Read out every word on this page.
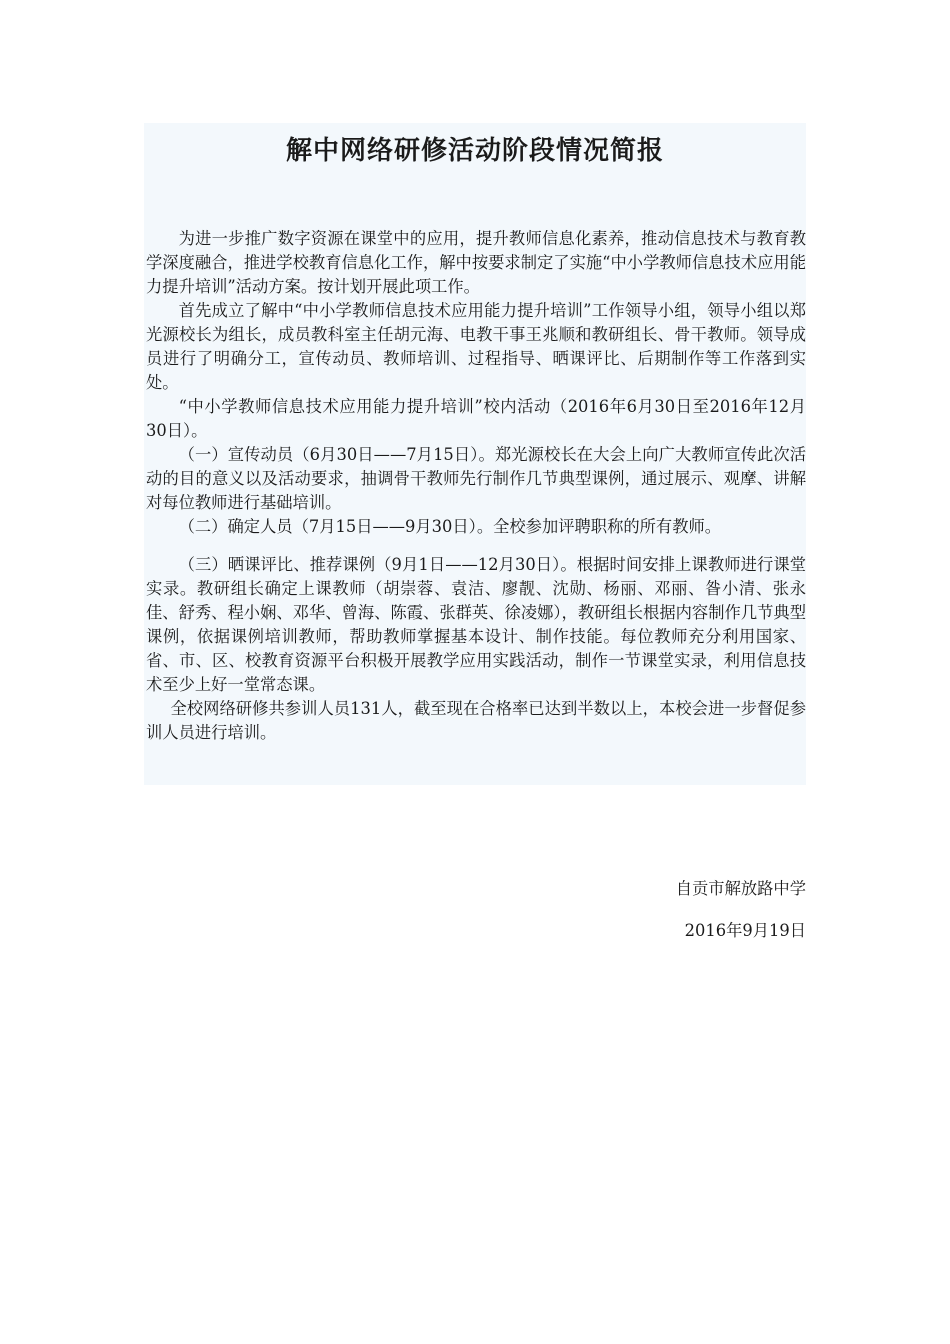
解中网络研修活动阶段情况简报

为进一步推广数字资源在课堂中的应用，提升教师信息化素养，推动信息技术与教育教学深度融合，推进学校教育信息化工作，解中按要求制定了实施“中小学教师信息技术应用能力提升培训”活动方案。按计划开展此项工作。

首先成立了解中“中小学教师信息技术应用能力提升培训”工作领导小组，领导小组以郑光源校长为组长，成员教科室主任胡元海、电教干事王兆顺和教研组长、骨干教师。领导成员进行了明确分工，宣传动员、教师培训、过程指导、晒课评比、后期制作等工作落到实处。

“中小学教师信息技术应用能力提升培训”校内活动（2016年6月30日至2016年12月30日）。

（一）宣传动员（6月30日——7月15日）。郑光源校长在大会上向广大教师宣传此次活动的目的意义以及活动要求，抽调骨干教师先行制作几节典型课例，通过展示、观摩、讲解对每位教师进行基础培训。

（二）确定人员（7月15日——9月30日）。全校参加评聘职称的所有教师。

（三）晒课评比、推荐课例（9月1日——12月30日）。根据时间安排上课教师进行课堂实录。教研组长确定上课教师（胡崇蓉、袁洁、廖靓、沈勋、杨丽、邓丽、昝小清、张永佳、舒秀、程小娴、邓华、曾海、陈霞、张群英、徐凌娜），教研组长根据内容制作几节典型课例，依据课例培训教师，帮助教师掌握基本设计、制作技能。每位教师充分利用国家、省、市、区、校教育资源平台积极开展教学应用实践活动，制作一节课堂实录，利用信息技术至少上好一堂常态课。

全校网络研修共参训人员131人，截至现在合格率已达到半数以上，本校会进一步督促参训人员进行培训。

自贡市解放路中学

2016年9月19日
